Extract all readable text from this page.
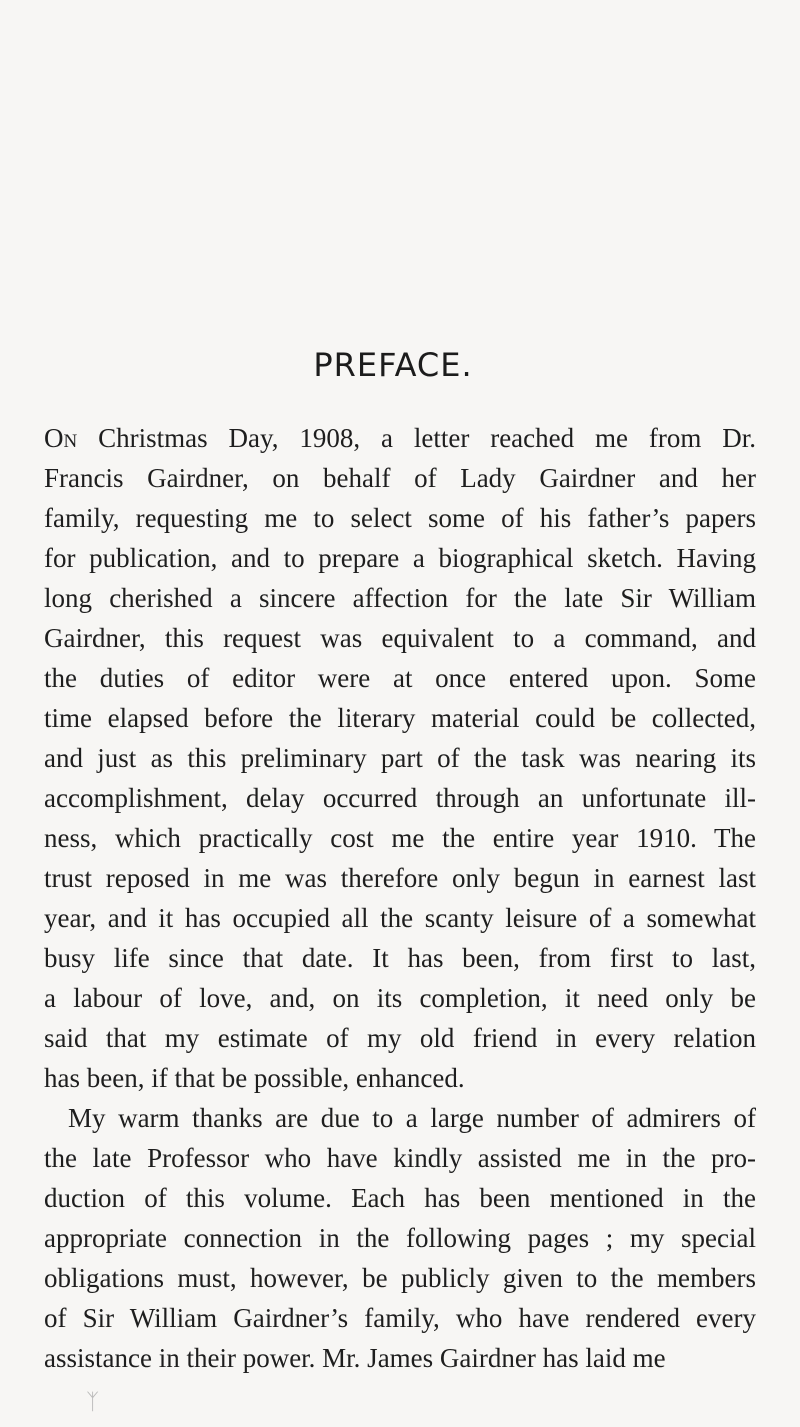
PREFACE.
On Christmas Day, 1908, a letter reached me from Dr.
Francis Gairdner, on behalf of Lady Gairdner and her
family, requesting me to select some of his father’s papers
for publication, and to prepare a biographical sketch. Having
long cherished a sincere affection for the late Sir William
Gairdner, this request was equivalent to a command, and
the duties of editor were at once entered upon. Some
time elapsed before the literary material could be collected,
and just as this preliminary part of the task was nearing its
accomplishment, delay occurred through an unfortunate ill-
ness, which practically cost me the entire year 1910. The
trust reposed in me was therefore only begun in earnest last
year, and it has occupied all the scanty leisure of a somewhat
busy life since that date. It has been, from first to last,
a labour of love, and, on its completion, it need only be
said that my estimate of my old friend in every relation
has been, if that be possible, enhanced.
My warm thanks are due to a large number of admirers of
the late Professor who have kindly assisted me in the pro-
duction of this volume. Each has been mentioned in the
appropriate connection in the following pages ; my special
obligations must, however, be publicly given to the members
of Sir William Gairdner’s family, who have rendered every
assistance in their power. Mr. James Gairdner has laid me
ᛉ
